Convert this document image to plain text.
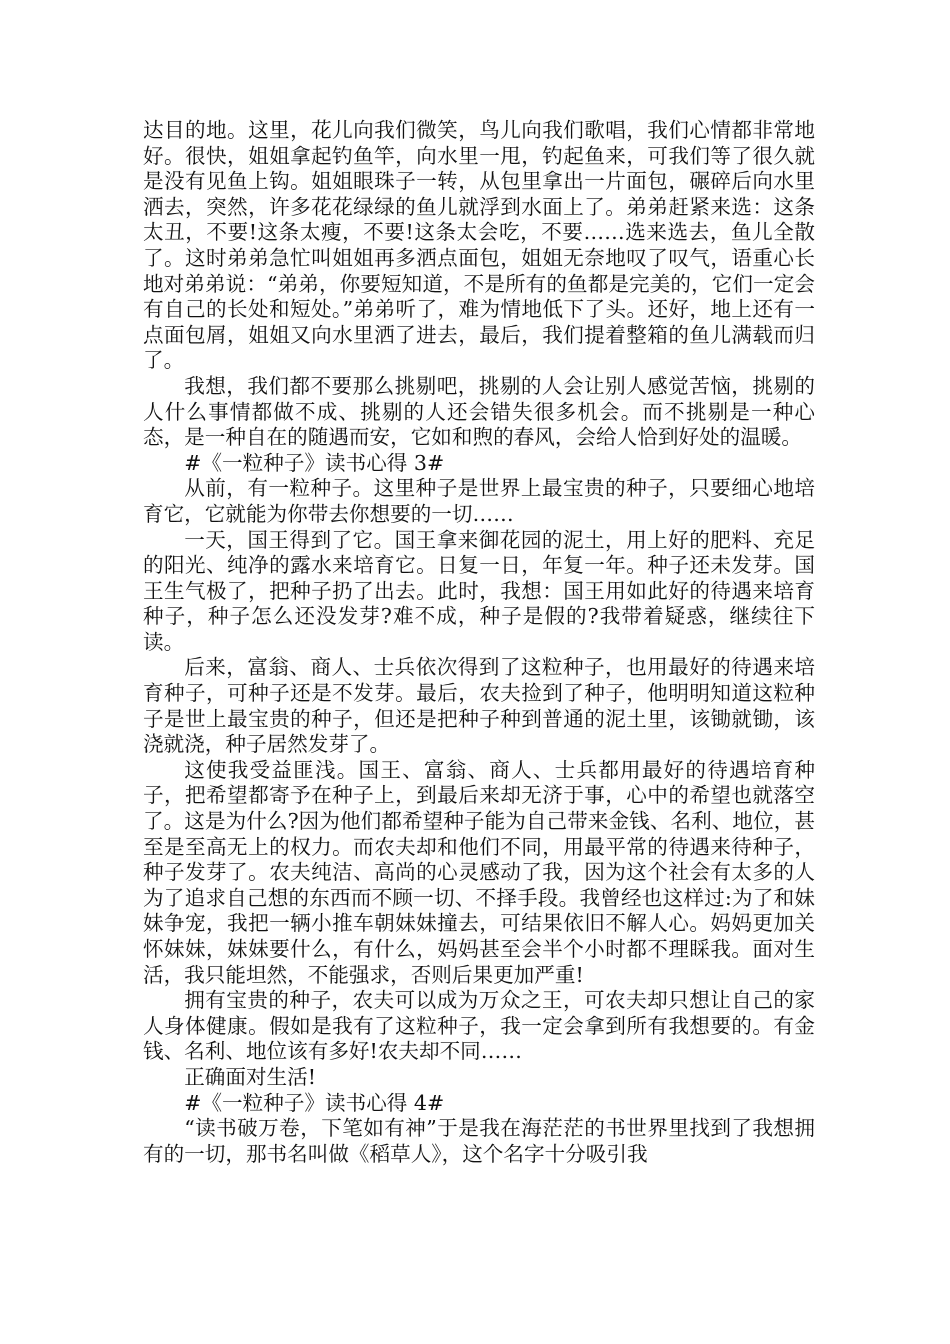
达目的地。这里，花儿向我们微笑，鸟儿向我们歌唱，我们心情都非常地好。很快，姐姐拿起钓鱼竿，向水里一甩，钓起鱼来，可我们等了很久就是没有见鱼上钩。姐姐眼珠子一转，从包里拿出一片面包，碾碎后向水里洒去，突然，许多花花绿绿的鱼儿就浮到水面上了。弟弟赶紧来选：这条太丑，不要!这条太瘦，不要!这条太会吃，不要……选来选去，鱼儿全散了。这时弟弟急忙叫姐姐再多洒点面包，姐姐无奈地叹了叹气，语重心长地对弟弟说：“弟弟，你要短知道，不是所有的鱼都是完美的，它们一定会有自己的长处和短处。”弟弟听了，难为情地低下了头。还好，地上还有一点面包屑，姐姐又向水里洒了进去，最后，我们提着整箱的鱼儿满载而归了。

我想，我们都不要那么挑剔吧，挑剔的人会让别人感觉苦恼，挑剔的人什么事情都做不成、挑剔的人还会错失很多机会。而不挑剔是一种心态，是一种自在的随遇而安，它如和煦的春风，会给人恰到好处的温暖。

#《一粒种子》读书心得 3#

从前，有一粒种子。这里种子是世界上最宝贵的种子，只要细心地培育它，它就能为你带去你想要的一切……

一天，国王得到了它。国王拿来御花园的泥土，用上好的肥料、充足的阳光、纯净的露水来培育它。日复一日，年复一年。种子还未发芽。国王生气极了，把种子扔了出去。此时，我想：国王用如此好的待遇来培育种子，种子怎么还没发芽?难不成，种子是假的?我带着疑惑，继续往下读。

后来，富翁、商人、士兵依次得到了这粒种子，也用最好的待遇来培育种子，可种子还是不发芽。最后，农夫捡到了种子，他明明知道这粒种子是世上最宝贵的种子，但还是把种子种到普通的泥土里，该锄就锄，该浇就浇，种子居然发芽了。

这使我受益匪浅。国王、富翁、商人、士兵都用最好的待遇培育种子，把希望都寄予在种子上，到最后来却无济于事，心中的希望也就落空了。这是为什么?因为他们都希望种子能为自己带来金钱、名利、地位，甚至是至高无上的权力。而农夫却和他们不同，用最平常的待遇来待种子，种子发芽了。农夫纯洁、高尚的心灵感动了我，因为这个社会有太多的人为了追求自己想的东西而不顾一切、不择手段。我曾经也这样过:为了和妹妹争宠，我把一辆小推车朝妹妹撞去，可结果依旧不解人心。妈妈更加关怀妹妹，妹妹要什么，有什么，妈妈甚至会半个小时都不理睬我。面对生活，我只能坦然，不能强求，否则后果更加严重!

拥有宝贵的种子，农夫可以成为万众之王，可农夫却只想让自己的家人身体健康。假如是我有了这粒种子，我一定会拿到所有我想要的。有金钱、名利、地位该有多好!农夫却不同……

正确面对生活!

#《一粒种子》读书心得 4#

“读书破万卷，下笔如有神”于是我在海茫茫的书世界里找到了我想拥有的一切，那书名叫做《稻草人》，这个名字十分吸引我
